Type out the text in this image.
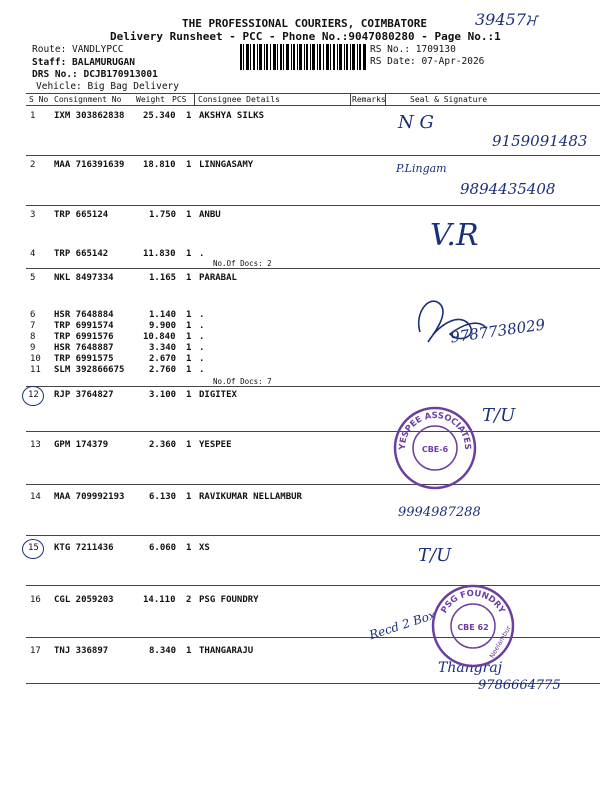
THE PROFESSIONAL COURIERS, COIMBATORE	39457ਮ
Delivery Runsheet - PCC - Phone No.:9047080280 - Page No.:1
Route: VANDLYPCC
Staff: BALAMURUGAN
DRS No.: DCJB170913001
Vehicle: Big Bag Delivery
RS No.: 1709130
RS Date: 07-Apr-2026
S No Consignment No Weight PCS Consignee Details	Remarks	Seal & Signature
1 IXM 303862838 25.340 1 AKSHYA SILKS
2 MAA 716391639 18.810 1 LINNGASAMY
3 TRP 665124	1.750 1 ANBU
4 TRP 665142	11.830 1 .
No.Of Docs: 2
5 NKL 8497334	1.165 1 PARABAL
6 HSR 7648884	1.140 1 .
7 TRP 6991574	9.900 1 .
8 TRP 6991576	10.840 1 .
9 HSR 7648887	3.340 1 .
10 TRP 6991575	2.670 1 .
11 SLM 392866675	2.760 1 .
No.Of Docs: 7
12 RJP 3764827	3.100 1 DIGITEX
13 GPM 174379	2.360 1 YESPEE
14 MAA 709992193	6.130 1 RAVIKUMAR NELLAMBUR
15 KTG 7211436	6.060 1 XS
16 CGL 2059203	14.110 2 PSG FOUNDRY
17 TNJ 336897	8.340 1 THANGARAJU
N G
9159091483
P.Lingam
9894435408
V.R
9787738029
T/U
9994987288
T/U
Recd 2 Box
Thangraj
9786664775
YESPEE ASSOCIATES
CBE-6
PSG FOUNDRY
CBE 62 Neelambur
